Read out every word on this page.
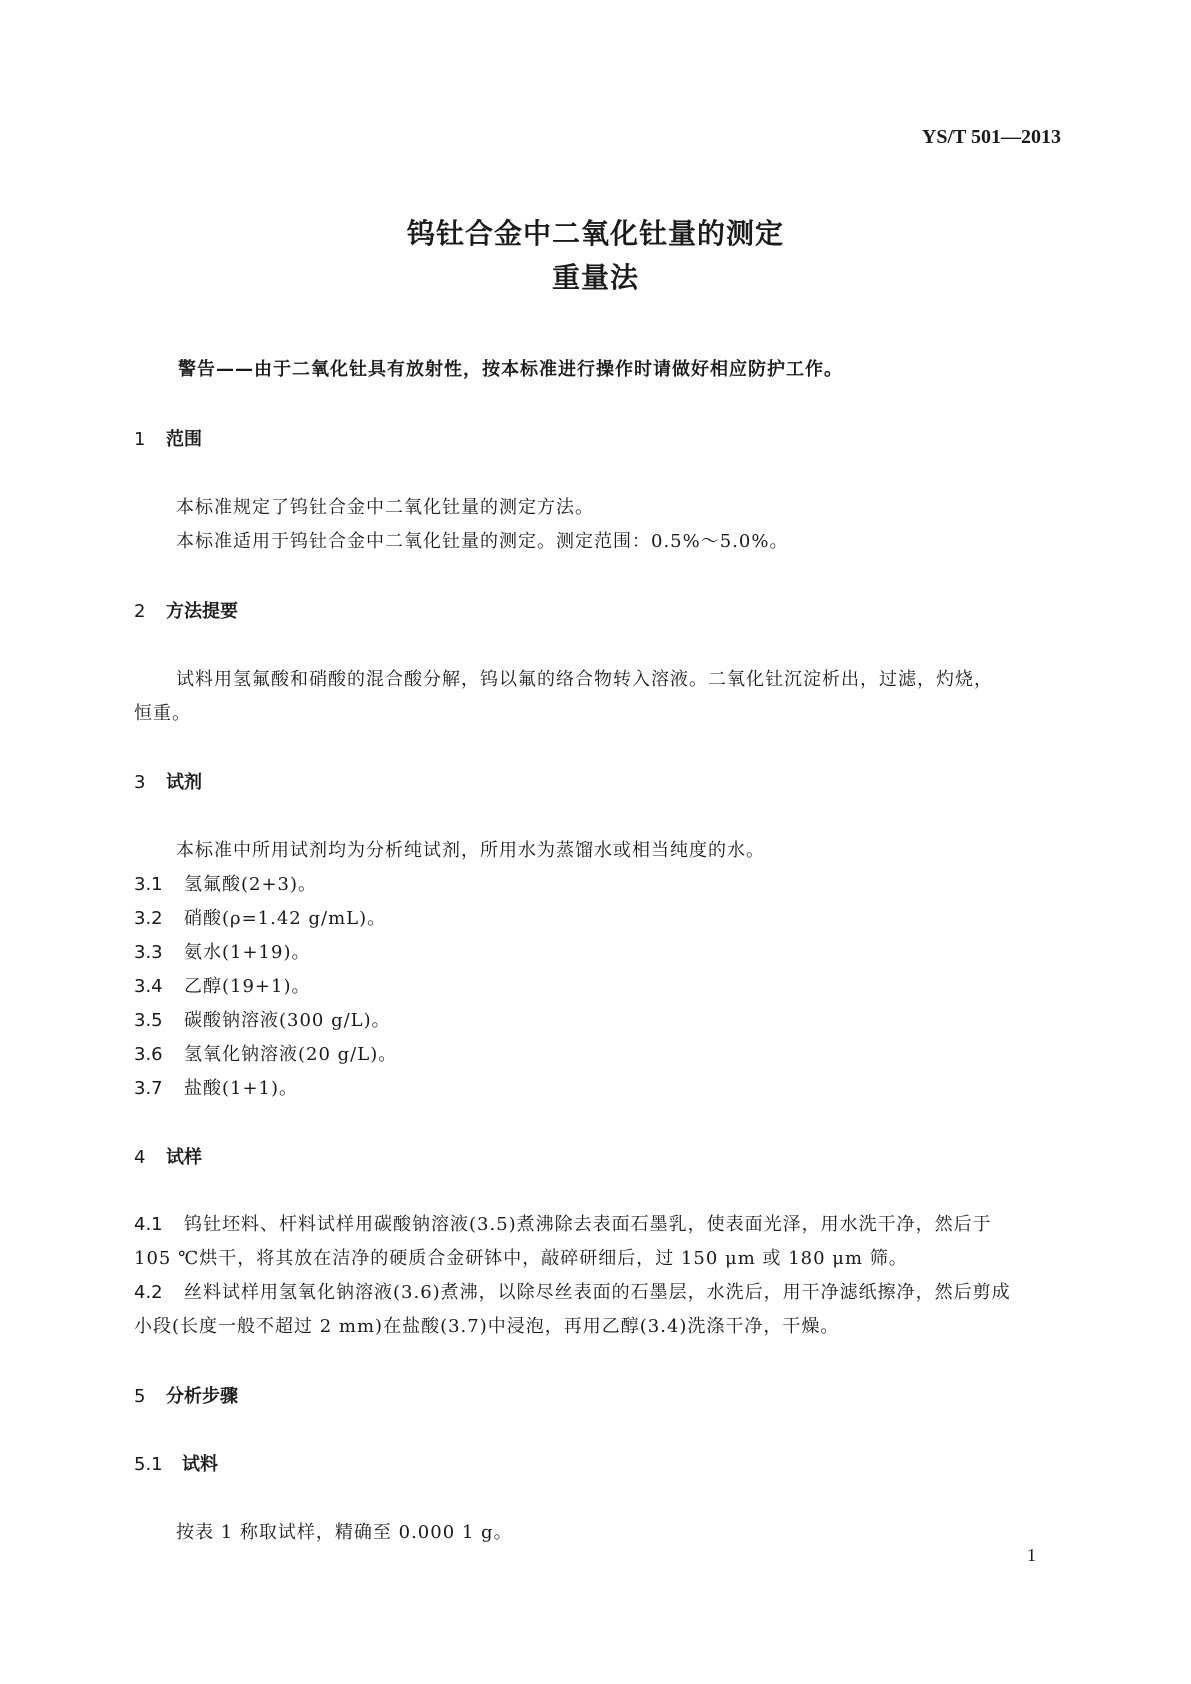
YS/T 501—2013
钨钍合金中二氧化钍量的测定
重量法
警告——由于二氧化钍具有放射性，按本标准进行操作时请做好相应防护工作。
1 范围
本标准规定了钨钍合金中二氧化钍量的测定方法。
本标准适用于钨钍合金中二氧化钍量的测定。测定范围：0.5%～5.0%。
2 方法提要
试料用氢氟酸和硝酸的混合酸分解，钨以氟的络合物转入溶液。二氧化钍沉淀析出，过滤，灼烧，
恒重。
3 试剂
本标准中所用试剂均为分析纯试剂，所用水为蒸馏水或相当纯度的水。
3.1 氢氟酸(2+3)。
3.2 硝酸(ρ=1.42 g/mL)。
3.3 氨水(1+19)。
3.4 乙醇(19+1)。
3.5 碳酸钠溶液(300 g/L)。
3.6 氢氧化钠溶液(20 g/L)。
3.7 盐酸(1+1)。
4 试样
4.1 钨钍坯料、杆料试样用碳酸钠溶液(3.5)煮沸除去表面石墨乳，使表面光泽，用水洗干净，然后于
105 ℃烘干，将其放在洁净的硬质合金研钵中，敲碎研细后，过 150 μm 或 180 μm 筛。
4.2 丝料试样用氢氧化钠溶液(3.6)煮沸，以除尽丝表面的石墨层，水洗后，用干净滤纸擦净，然后剪成
小段(长度一般不超过 2 mm)在盐酸(3.7)中浸泡，再用乙醇(3.4)洗涤干净，干燥。
5 分析步骤
5.1 试料
按表 1 称取试样，精确至 0.000 1 g。
1
